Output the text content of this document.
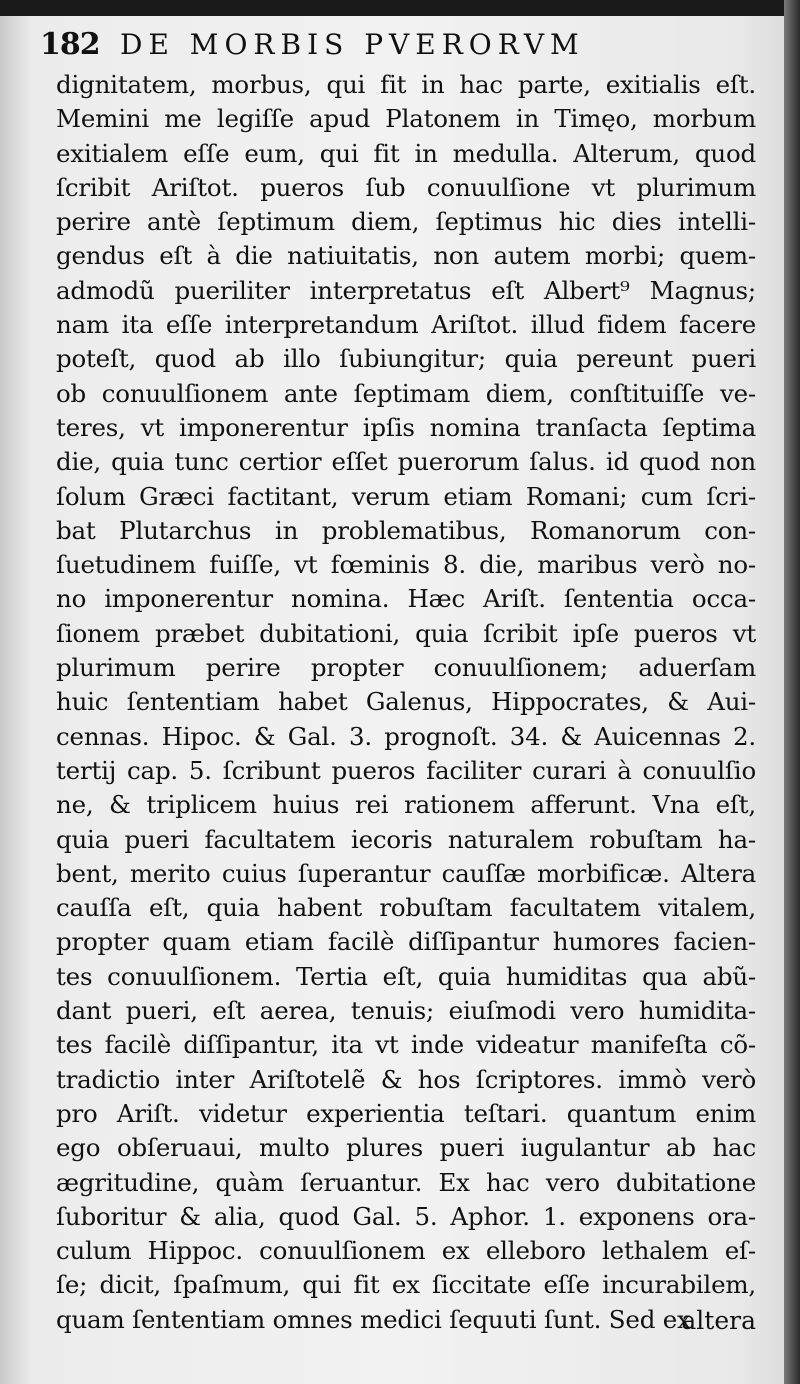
182 DE MORBIS PVERORVM
dignitatem, morbus, qui fit in hac parte, exitialis eſt.
Memini me legiſſe apud Platonem in Timęo, morbum
exitialem eſſe eum, qui fit in medulla. Alterum, quod
ſcribit Ariſtot. pueros ſub conuulſione vt plurimum
perire antè ſeptimum diem, ſeptimus hic dies intelli-
gendus eſt à die natiuitatis, non autem morbi; quem-
admodũ pueriliter interpretatus eſt Albert⁹ Magnus;
nam ita eſſe interpretandum Ariſtot. illud fidem facere
poteſt, quod ab illo ſubiungitur; quia pereunt pueri
ob conuulſionem ante ſeptimam diem, conſtituiſſe ve-
teres, vt imponerentur ipſis nomina tranſacta ſeptima
die, quia tunc certior eſſet puerorum ſalus. id quod non
ſolum Græci factitant, verum etiam Romani; cum ſcri-
bat Plutarchus in problematibus, Romanorum con-
ſuetudinem fuiſſe, vt fœminis 8. die, maribus verò no-
no imponerentur nomina. Hæc Ariſt. ſententia occa-
ſionem præbet dubitationi, quia ſcribit ipſe pueros vt
plurimum perire propter conuulſionem; aduerſam
huic ſententiam habet Galenus, Hippocrates, & Aui-
cennas. Hipoc. & Gal. 3. prognoſt. 34. & Auicennas 2.
tertij cap. 5. ſcribunt pueros faciliter curari à conuulſio
ne, & triplicem huius rei rationem afferunt. Vna eſt,
quia pueri facultatem iecoris naturalem robuſtam ha-
bent, merito cuius ſuperantur cauſſæ morbificæ. Altera
cauſſa eſt, quia habent robuſtam facultatem vitalem,
propter quam etiam facilè diſſipantur humores facien-
tes conuulſionem. Tertia eſt, quia humiditas qua abũ-
dant pueri, eſt aerea, tenuis; eiuſmodi vero humidita-
tes facilè diſſipantur, ita vt inde videatur manifeſta cõ-
tradictio inter Ariſtotelẽ & hos ſcriptores. immò verò
pro Ariſt. videtur experientia teſtari. quantum enim
ego obſeruaui, multo plures pueri iugulantur ab hac
ægritudine, quàm ſeruantur. Ex hac vero dubitatione
ſuboritur & alia, quod Gal. 5. Aphor. 1. exponens ora-
culum Hippoc. conuulſionem ex elleboro lethalem eſ-
ſe; dicit, ſpaſmum, qui fit ex ſiccitate eſſe incurabilem,
quam ſententiam omnes medici ſequuti ſunt. Sed ex
altera
